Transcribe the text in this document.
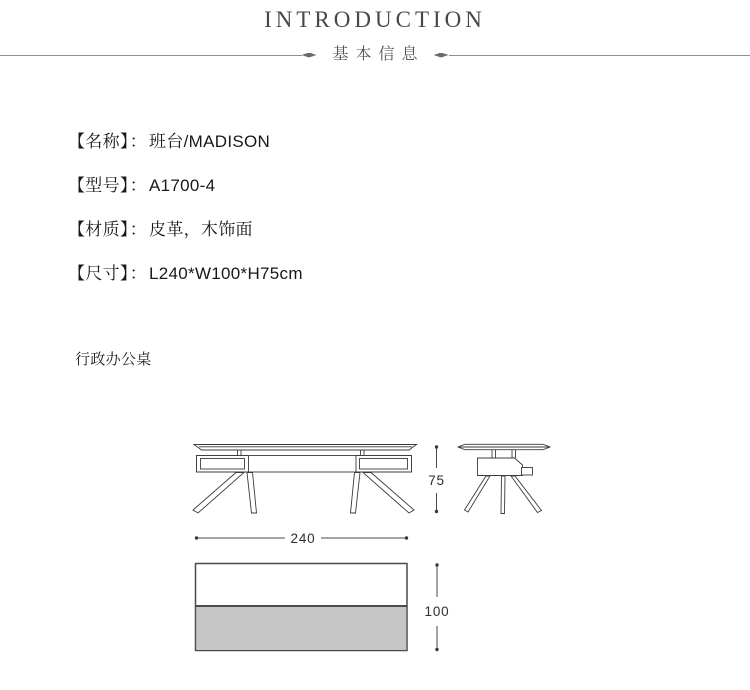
INTRODUCTION
基本信息
【名称】： 班台/MADISON
【型号】： A1700-4
【材质】： 皮革，木饰面
【尺寸】： L240*W100*H75cm
行政办公桌
240
75
100
